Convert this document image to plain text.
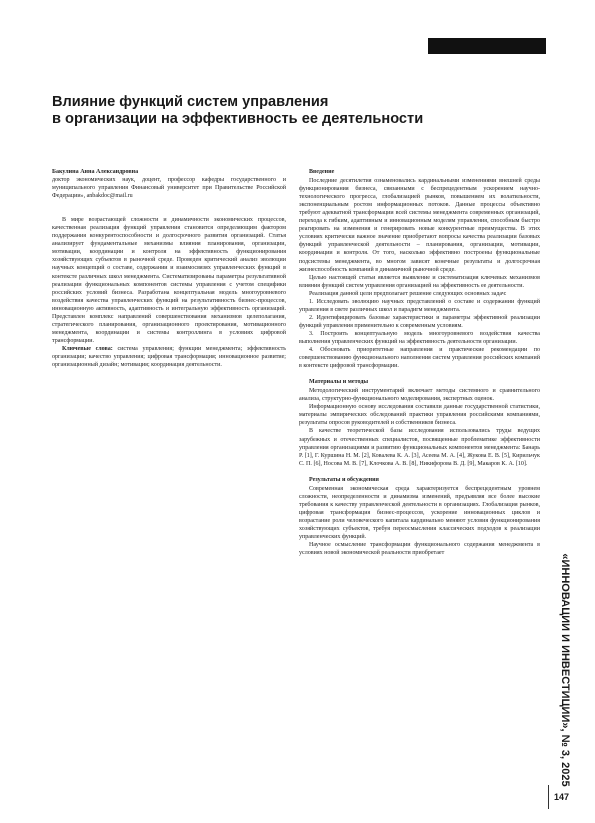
Влияние функций систем управления
в организации на эффективность ее деятельности
Бакулина Анна Александровна
доктор экономических наук, доцент, профессор кафедры государственного и муниципального управления Финансовый университет при Правительстве Российской Федерации», anbakdoc@mail.ru
В мире возрастающей сложности и динамичности экономических процессов, качественная реализация функций управления становится определяющим фактором поддержания конкурентоспособности и долгосрочного развития организаций. Статья анализирует фундаментальные механизмы влияния планирования, организации, мотивации, координации и контроля на эффективность функционирования хозяйствующих субъектов в рыночной среде. Проведен критический анализ эволюции научных концепций о составе, содержании и взаимосвязях управленческих функций в контексте различных школ менеджмента. Систематизированы параметры результативной реализации функциональных компонентов системы управления с учетом специфики российских условий бизнеса. Разработана концептуальная модель многоуровневого воздействия качества управленческих функций на результативность бизнес-процессов, инновационную активность, адаптивность и интегральную эффективность организаций. Представлен комплекс направлений совершенствования механизмов целеполагания, стратегического планирования, организационного проектирования, мотивационного менеджмента, координации и системы контроллинга в условиях цифровой трансформации.
Ключевые слова: система управления; функции менеджмента; эффективность организации; качество управления; цифровая трансформация; инновационное развитие; организационный дизайн; мотивация; координация деятельности.
Введение
Последние десятилетия ознаменовались кардинальными изменениями внешней среды функционирования бизнеса, связанными с беспрецедентным ускорением научно-технологического прогресса, глобализацией рынков, повышением их волатильности, экспоненциальным ростом информационных потоков. Данные процессы объективно требуют адекватной трансформации всей системы менеджмента современных организаций, перехода к гибким, адаптивным и инновационным моделям управления, способным быстро реагировать на изменения и генерировать новые конкурентные преимущества. В этих условиях критически важное значение приобретают вопросы качества реализации базовых функций управленческой деятельности – планирования, организации, мотивации, координации и контроля. От того, насколько эффективно построены функциональные подсистемы менеджмента, во многом зависят конечные результаты и долгосрочная жизнеспособность компаний в динамичной рыночной среде.
Целью настоящей статьи является выявление и систематизация ключевых механизмов влияния функций систем управления организацией на эффективность ее деятельности.
Реализация данной цели предполагает решение следующих основных задач:
1. Исследовать эволюцию научных представлений о составе и содержании функций управления в свете различных школ и парадигм менеджмента.
2. Идентифицировать базовые характеристики и параметры эффективной реализации функций управления применительно к современным условиям.
3. Построить концептуальную модель многоуровневого воздействия качества выполнения управленческих функций на эффективность деятельности организации.
4. Обосновать приоритетные направления и практические рекомендации по совершенствованию функционального наполнения систем управления российских компаний в контексте цифровой трансформации.
Материалы и методы
Методологический инструментарий включает методы системного и сравнительного анализа, структурно-функционального моделирования, экспертных оценок.
Информационную основу исследования составили данные государственной статистики, материалы эмпирических обследований практики управления российскими компаниями, результаты опросов руководителей и собственников бизнеса.
В качестве теоретической базы исследования использовались труды ведущих зарубежных и отечественных специалистов, посвященные проблематике эффективности управления организациями и развитию функциональных компонентов менеджмента: Банарь Р. [1], Г. Куршина Н. М. [2], Ковалева К. А. [3], Асеева М. А. [4], Жукова Е. В. [5], Кирильчук С. П. [6], Носова М. В. [7], Клочкова А. В. [8], Никифорова В. Д. [9], Макаров К. А. [10].
Результаты и обсуждения
Современная экономическая среда характеризуется беспрецедентным уровнем сложности, неопределенности и динамизма изменений, предъявляя все более высокие требования к качеству управленческой деятельности в организациях. Глобализация рынков, цифровая трансформация бизнес-процессов, ускорение инновационных циклов и возрастание роли человеческого капитала кардинально меняют условия функционирования хозяйствующих субъектов, требуя переосмысления классических подходов к реализации управленческих функций.
Научное осмысление трансформации функционального содержания менеджмента в условиях новой экономической реальности приобретает
«ИННОВАЦИИ И ИНВЕСТИЦИИ», № 3, 2025
147
